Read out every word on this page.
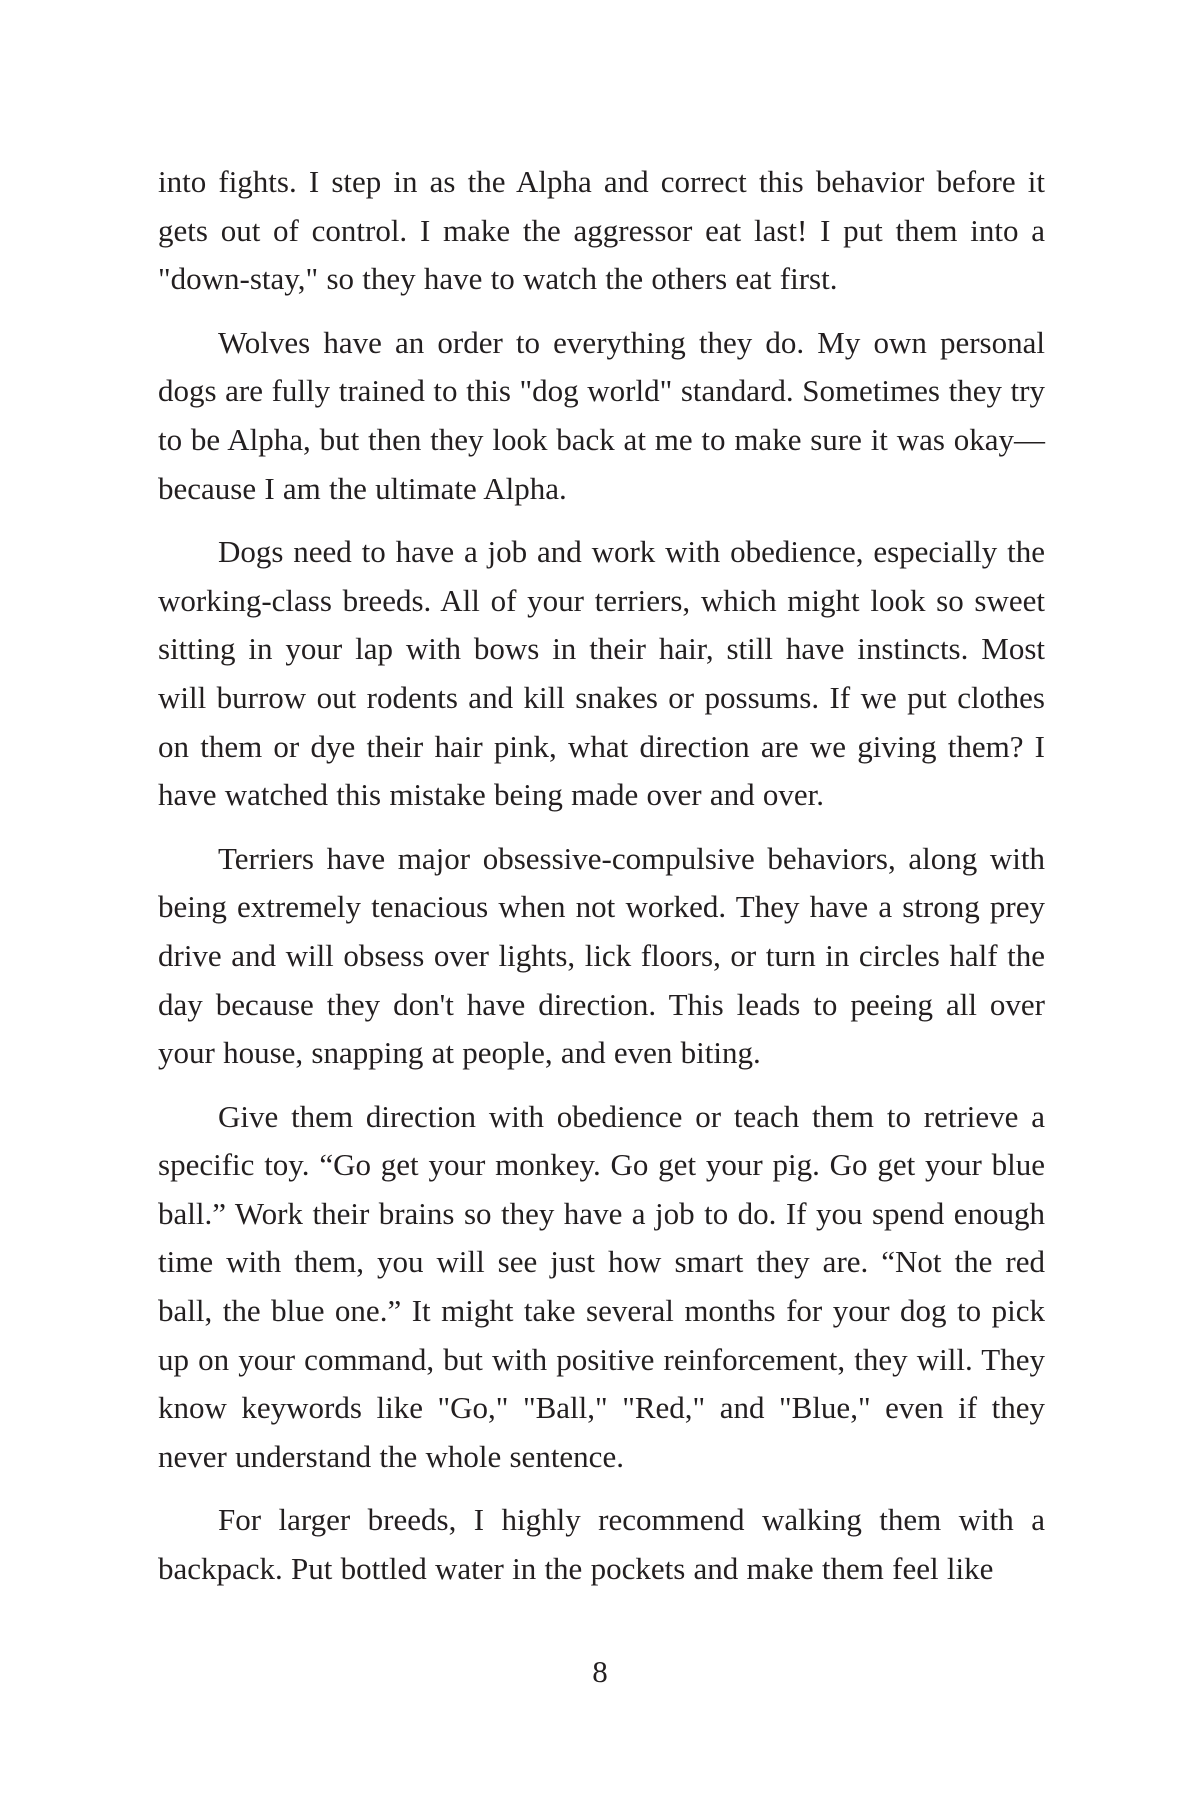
into fights. I step in as the Alpha and correct this behavior before it gets out of control. I make the aggressor eat last! I put them into a "down-stay," so they have to watch the others eat first.

Wolves have an order to everything they do. My own personal dogs are fully trained to this "dog world" standard. Sometimes they try to be Alpha, but then they look back at me to make sure it was okay—because I am the ultimate Alpha.

Dogs need to have a job and work with obedience, especially the working-class breeds. All of your terriers, which might look so sweet sitting in your lap with bows in their hair, still have instincts. Most will burrow out rodents and kill snakes or possums. If we put clothes on them or dye their hair pink, what direction are we giving them? I have watched this mistake being made over and over.

Terriers have major obsessive-compulsive behaviors, along with being extremely tenacious when not worked. They have a strong prey drive and will obsess over lights, lick floors, or turn in circles half the day because they don't have direction. This leads to peeing all over your house, snapping at people, and even biting.

Give them direction with obedience or teach them to retrieve a specific toy. “Go get your monkey. Go get your pig. Go get your blue ball.” Work their brains so they have a job to do. If you spend enough time with them, you will see just how smart they are. “Not the red ball, the blue one.” It might take several months for your dog to pick up on your command, but with positive reinforcement, they will. They know keywords like "Go," "Ball," "Red," and "Blue," even if they never understand the whole sentence.

For larger breeds, I highly recommend walking them with a backpack. Put bottled water in the pockets and make them feel like

8
